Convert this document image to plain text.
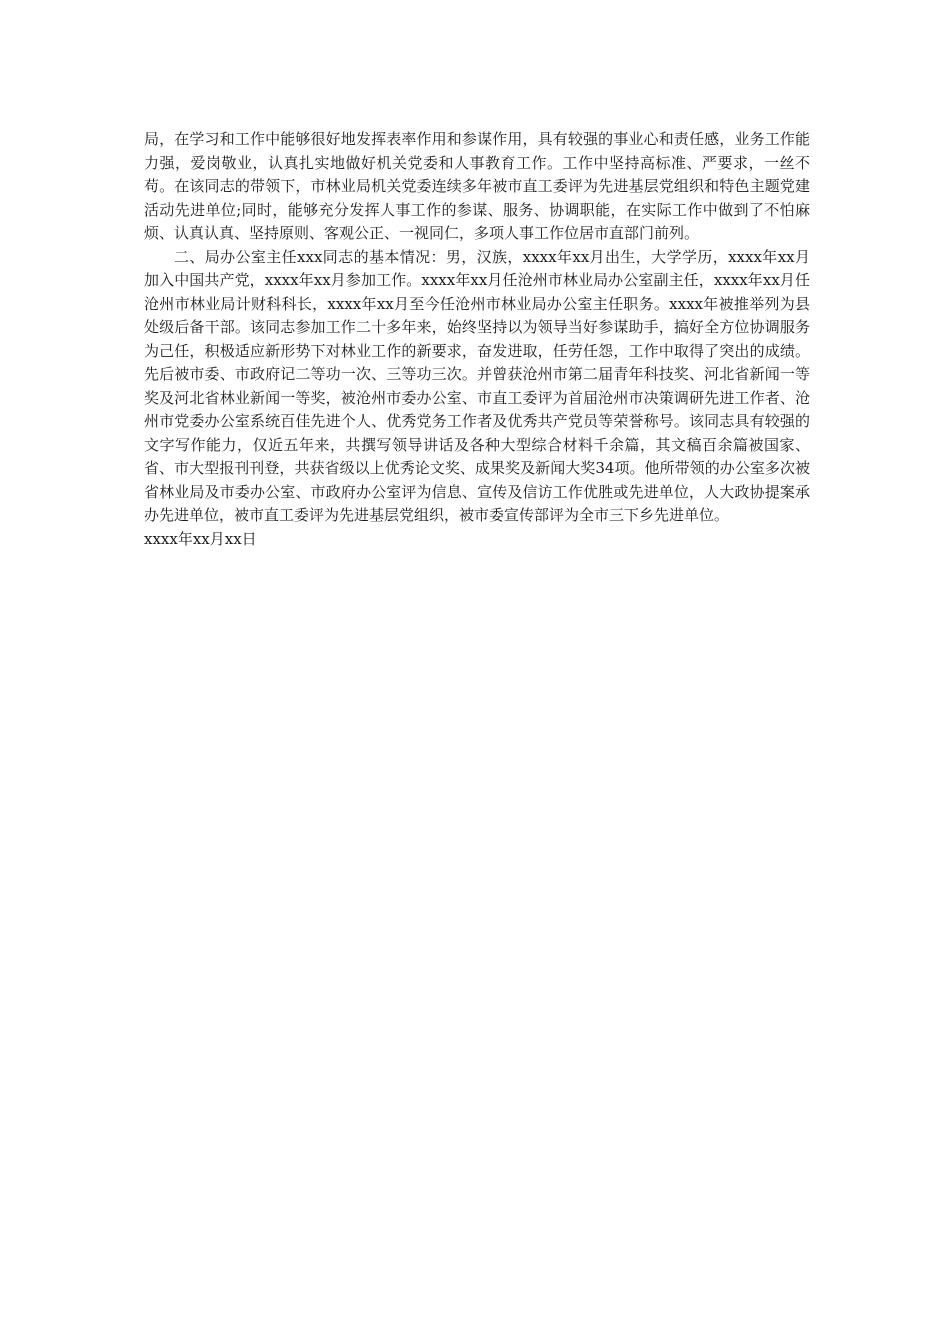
局，在学习和工作中能够很好地发挥表率作用和参谋作用，具有较强的事业心和责任感，业务工作能力强，爱岗敬业，认真扎实地做好机关党委和人事教育工作。工作中坚持高标准、严要求，一丝不苟。在该同志的带领下，市林业局机关党委连续多年被市直工委评为先进基层党组织和特色主题党建活动先进单位;同时，能够充分发挥人事工作的参谋、服务、协调职能，在实际工作中做到了不怕麻烦、认真认真、坚持原则、客观公正、一视同仁，多项人事工作位居市直部门前列。

二、局办公室主任xxx同志的基本情况：男，汉族，xxxx年xx月出生，大学学历，xxxx年xx月加入中国共产党，xxxx年xx月参加工作。xxxx年xx月任沧州市林业局办公室副主任，xxxx年xx月任沧州市林业局计财科科长，xxxx年xx月至今任沧州市林业局办公室主任职务。xxxx年被推举列为县处级后备干部。该同志参加工作二十多年来，始终坚持以为领导当好参谋助手，搞好全方位协调服务为己任，积极适应新形势下对林业工作的新要求，奋发进取，任劳任怨，工作中取得了突出的成绩。先后被市委、市政府记二等功一次、三等功三次。并曾获沧州市第二届青年科技奖、河北省新闻一等奖及河北省林业新闻一等奖，被沧州市委办公室、市直工委评为首届沧州市决策调研先进工作者、沧州市党委办公室系统百佳先进个人、优秀党务工作者及优秀共产党员等荣誉称号。该同志具有较强的文字写作能力，仅近五年来，共撰写领导讲话及各种大型综合材料千余篇，其文稿百余篇被国家、省、市大型报刊刊登，共获省级以上优秀论文奖、成果奖及新闻大奖34项。他所带领的办公室多次被省林业局及市委办公室、市政府办公室评为信息、宣传及信访工作优胜或先进单位，人大政协提案承办先进单位，被市直工委评为先进基层党组织，被市委宣传部评为全市三下乡先进单位。

xxxx年xx月xx日
